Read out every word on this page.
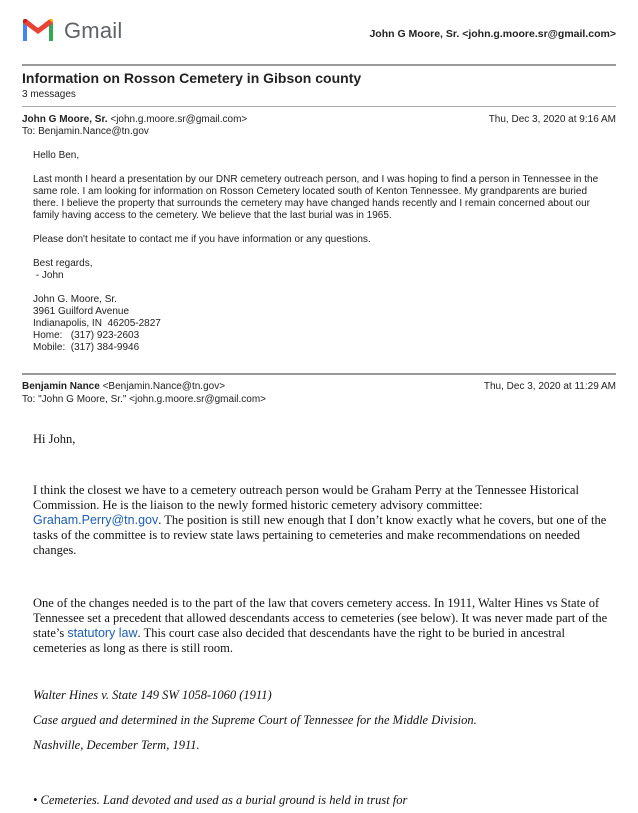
Gmail	John G Moore, Sr. <john.g.moore.sr@gmail.com>
Information on Rosson Cemetery in Gibson county
3 messages
John G Moore, Sr. <john.g.moore.sr@gmail.com>	Thu, Dec 3, 2020 at 9:16 AM
To: Benjamin.Nance@tn.gov

Hello Ben,

Last month I heard a presentation by our DNR cemetery outreach person, and I was hoping to find a person in Tennessee in the same role. I am looking for information on Rosson Cemetery located south of Kenton Tennessee. My grandparents are buried there. I believe the property that surrounds the cemetery may have changed hands recently and I remain concerned about our family having access to the cemetery. We believe that the last burial was in 1965.

Please don't hesitate to contact me if you have information or any questions.

Best regards,
- John
John G. Moore, Sr.
3961 Guilford Avenue
Indianapolis, IN  46205-2827
Home:   (317) 923-2603
Mobile:  (317) 384-9946
Benjamin Nance <Benjamin.Nance@tn.gov>	Thu, Dec 3, 2020 at 11:29 AM
To: "John G Moore, Sr." <john.g.moore.sr@gmail.com>

Hi John,

I think the closest we have to a cemetery outreach person would be Graham Perry at the Tennessee Historical Commission. He is the liaison to the newly formed historic cemetery advisory committee: Graham.Perry@tn.gov. The position is still new enough that I don’t know exactly what he covers, but one of the tasks of the committee is to review state laws pertaining to cemeteries and make recommendations on needed changes.

One of the changes needed is to the part of the law that covers cemetery access. In 1911, Walter Hines vs State of Tennessee set a precedent that allowed descendants access to cemeteries (see below). It was never made part of the state’s statutory law. This court case also decided that descendants have the right to be buried in ancestral cemeteries as long as there is still room.

Walter Hines v. State 149 SW 1058-1060 (1911)

Case argued and determined in the Supreme Court of Tennessee for the Middle Division.

Nashville, December Term, 1911.

• Cemeteries. Land devoted and used as a burial ground is held in trust for
